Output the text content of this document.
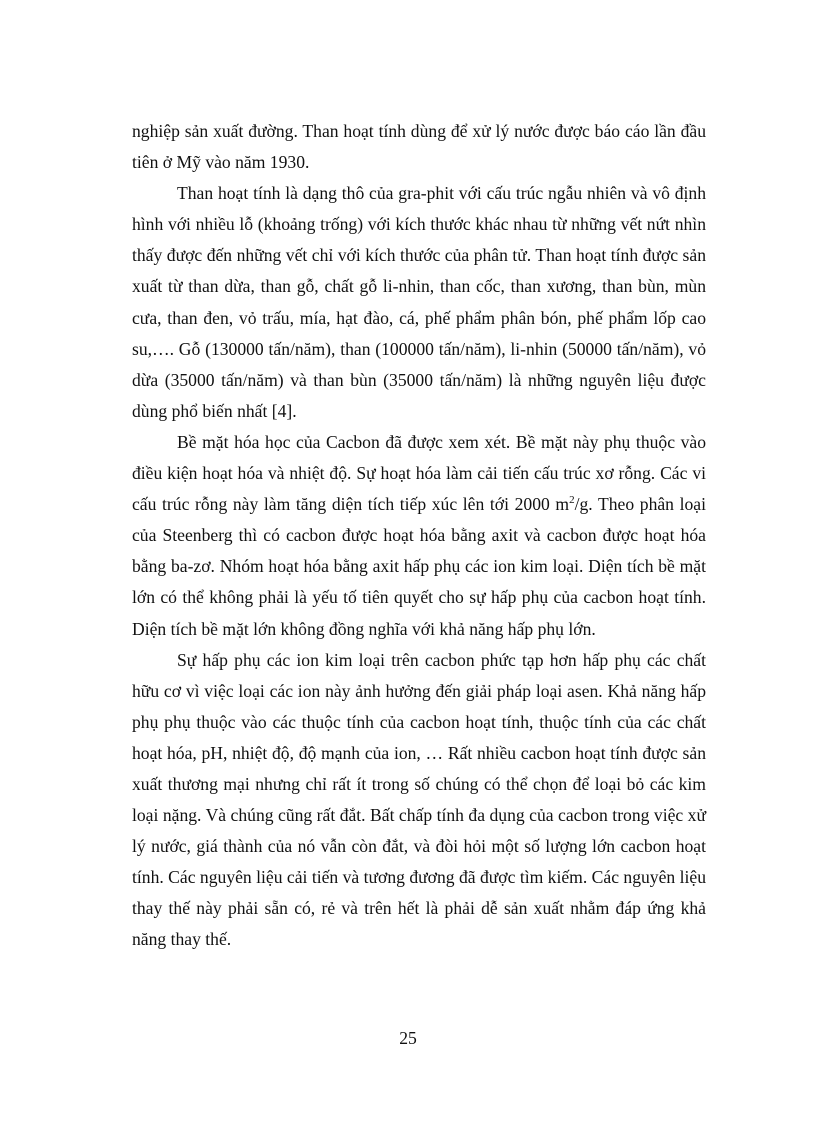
nghiệp sản xuất đường. Than hoạt tính dùng để xử lý nước được báo cáo lần đầu tiên ở Mỹ vào năm 1930.

Than hoạt tính là dạng thô của gra-phit với cấu trúc ngẫu nhiên và vô định hình với nhiều lỗ (khoảng trống) với kích thước khác nhau từ những vết nứt nhìn thấy được đến những vết chỉ với kích thước của phân tử. Than hoạt tính được sản xuất từ than dừa, than gỗ, chất gỗ li-nhin, than cốc, than xương, than bùn, mùn cưa, than đen, vỏ trấu, mía, hạt đào, cá, phế phẩm phân bón, phế phẩm lốp cao su,…. Gỗ (130000 tấn/năm), than (100000 tấn/năm), li-nhin (50000 tấn/năm), vỏ dừa (35000 tấn/năm) và than bùn (35000 tấn/năm) là những nguyên liệu được dùng phổ biến nhất [4].

Bề mặt hóa học của Cacbon đã được xem xét. Bề mặt này phụ thuộc vào điều kiện hoạt hóa và nhiệt độ. Sự hoạt hóa làm cải tiến cấu trúc xơ rỗng. Các vi cấu trúc rỗng này làm tăng diện tích tiếp xúc lên tới 2000 $m^2/g$. Theo phân loại của Steenberg thì có cacbon được hoạt hóa bằng axit và cacbon được hoạt hóa bằng ba-zơ. Nhóm hoạt hóa bằng axit hấp phụ các ion kim loại. Diện tích bề mặt lớn có thể không phải là yếu tố tiên quyết cho sự hấp phụ của cacbon hoạt tính. Diện tích bề mặt lớn không đồng nghĩa với khả năng hấp phụ lớn.

Sự hấp phụ các ion kim loại trên cacbon phức tạp hơn hấp phụ các chất hữu cơ vì việc loại các ion này ảnh hưởng đến giải pháp loại asen. Khả năng hấp phụ phụ thuộc vào các thuộc tính của cacbon hoạt tính, thuộc tính của các chất hoạt hóa, pH, nhiệt độ, độ mạnh của ion, … Rất nhiều cacbon hoạt tính được sản xuất thương mại nhưng chỉ rất ít trong số chúng có thể chọn để loại bỏ các kim loại nặng. Và chúng cũng rất đắt. Bất chấp tính đa dụng của cacbon trong việc xử lý nước, giá thành của nó vẫn còn đắt, và đòi hỏi một số lượng lớn cacbon hoạt tính. Các nguyên liệu cải tiến và tương đương đã được tìm kiếm. Các nguyên liệu thay thế này phải sẵn có, rẻ và trên hết là phải dễ sản xuất nhằm đáp ứng khả năng thay thế.

25
